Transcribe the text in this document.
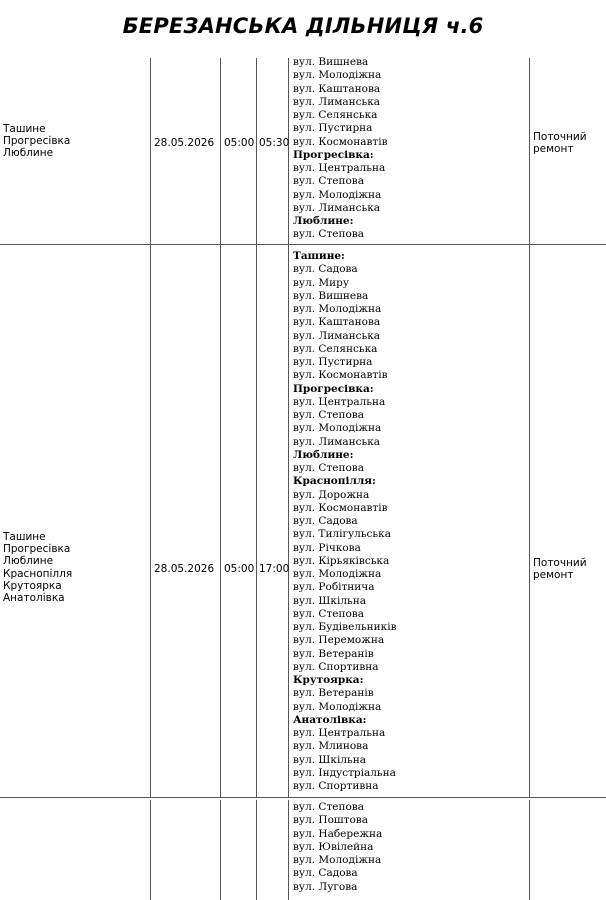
БЕРЕЗАНСЬКА ДІЛЬНИЦЯ ч.6
Ташине
Прогресівка
Люблине
28.05.2026 05:00 05:30	Поточний
ремонт
вул. Вишнева
вул. Молодіжна
вул. Каштанова
вул. Лиманська
вул. Селянська
вул. Пустирна
вул. Космонавтів
Прогресівка:
вул. Центральна
вул. Степова
вул. Молодіжна
вул. Лиманська
Люблине:
вул. Степова
Ташине
Прогресівка
Люблине
Краснопілля
Крутоярка
Анатолівка
28.05.2026 05:00 17:00	Поточний
ремонт
Ташине:
вул. Садова
вул. Миру
вул. Вишнева
вул. Молодіжна
вул. Каштанова
вул. Лиманська
вул. Селянська
вул. Пустирна
вул. Космонавтів
Прогресівка:
вул. Центральна
вул. Степова
вул. Молодіжна
вул. Лиманська
Люблине:
вул. Степова
Краснопілля:
вул. Дорожна
вул. Космонавтів
вул. Садова
вул. Тилігульська
вул. Річкова
вул. Кірьяківська
вул. Молодіжна
вул. Робітнича
вул. Шкільна
вул. Степова
вул. Будівельників
вул. Переможна
вул. Ветеранів
вул. Спортивна
Крутоярка:
вул. Ветеранів
вул. Молодіжна
Анатолівка:
вул. Центральна
вул. Млинова
вул. Шкільна
вул. Індустріальна
вул. Спортивна
вул. Степова
вул. Поштова
вул. Набережна
вул. Ювілейна
вул. Молодіжна
вул. Садова
вул. Лугова
